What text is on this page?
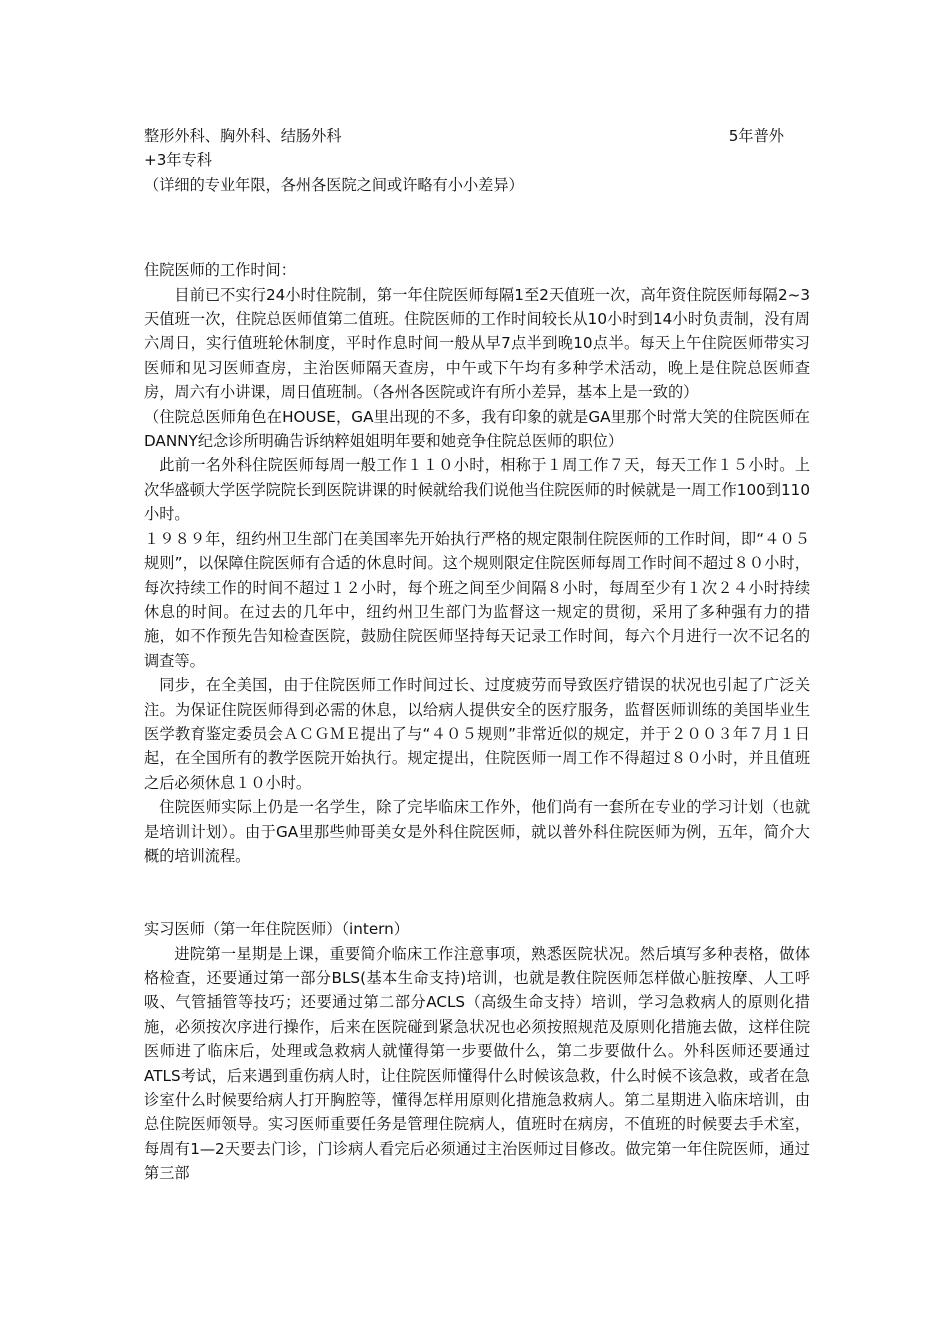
整形外科、胸外科、结肠外科	5年普外

+3年专科

（详细的专业年限，各州各医院之间或许略有小小差异）

住院医师的工作时间：

目前已不实行24小时住院制，第一年住院医师每隔1至2天值班一次，高年资住院医师每隔2~3天值班一次，住院总医师值第二值班。住院医师的工作时间较长从10小时到14小时负责制，没有周六周日，实行值班轮休制度，平时作息时间一般从早7点半到晚10点半。每天上午住院医师带实习医师和见习医师查房，主治医师隔天查房，中午或下午均有多种学术活动，晚上是住院总医师查房，周六有小讲课，周日值班制。（各州各医院或许有所小差异，基本上是一致的）

（住院总医师角色在HOUSE，GA里出现的不多，我有印象的就是GA里那个时常大笑的住院医师在DANNY纪念诊所明确告诉纳粹姐姐明年要和她竞争住院总医师的职位）

此前一名外科住院医师每周一般工作１１０小时，相称于１周工作７天，每天工作１５小时。上次华盛顿大学医学院院长到医院讲课的时候就给我们说他当住院医师的时候就是一周工作100到110小时。

１９８９年，纽约州卫生部门在美国率先开始执行严格的规定限制住院医师的工作时间，即“４０５规则”，以保障住院医师有合适的休息时间。这个规则限定住院医师每周工作时间不超过８０小时，每次持续工作的时间不超过１２小时，每个班之间至少间隔８小时，每周至少有１次２４小时持续休息的时间。在过去的几年中，纽约州卫生部门为监督这一规定的贯彻，采用了多种强有力的措施，如不作预先告知检查医院，鼓励住院医师坚持每天记录工作时间，每六个月进行一次不记名的调查等。

同步，在全美国，由于住院医师工作时间过长、过度疲劳而导致医疗错误的状况也引起了广泛关注。为保证住院医师得到必需的休息，以给病人提供安全的医疗服务，监督医师训练的美国毕业生医学教育鉴定委员会ＡＣＧＭＥ提出了与“４０５规则”非常近似的规定，并于２００３年７月１日起，在全国所有的教学医院开始执行。规定提出，住院医师一周工作不得超过８０小时，并且值班之后必须休息１０小时。

住院医师实际上仍是一名学生，除了完毕临床工作外，他们尚有一套所在专业的学习计划（也就是培训计划）。由于GA里那些帅哥美女是外科住院医师，就以普外科住院医师为例，五年，简介大概的培训流程。

实习医师（第一年住院医师）（intern）

进院第一星期是上课，重要简介临床工作注意事项，熟悉医院状况。然后填写多种表格，做体格检查，还要通过第一部分BLS(基本生命支持)培训，也就是教住院医师怎样做心脏按摩、人工呼吸、气管插管等技巧；还要通过第二部分ACLS（高级生命支持）培训，学习急救病人的原则化措施，必须按次序进行操作，后来在医院碰到紧急状况也必须按照规范及原则化措施去做，这样住院医师进了临床后，处理或急救病人就懂得第一步要做什么，第二步要做什么。外科医师还要通过ATLS考试，后来遇到重伤病人时，让住院医师懂得什么时候该急救，什么时候不该急救，或者在急诊室什么时候要给病人打开胸腔等，懂得怎样用原则化措施急救病人。第二星期进入临床培训，由总住院医师领导。实习医师重要任务是管理住院病人，值班时在病房，不值班的时候要去手术室，每周有1—2天要去门诊，门诊病人看完后必须通过主治医师过目修改。做完第一年住院医师，通过第三部
